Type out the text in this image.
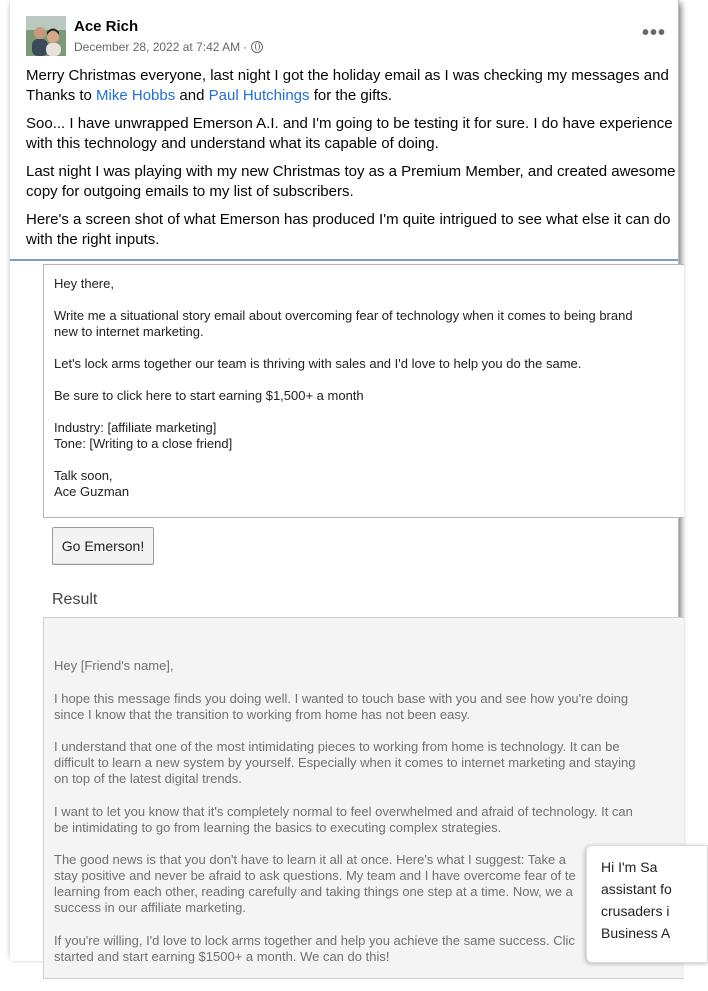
Ace Rich
December 28, 2022 at 7:42 AM ·
•••

Merry Christmas everyone, last night I got the holiday email as I was checking my messages and
Thanks to Mike Hobbs and Paul Hutchings for the gifts.

Soo... I have unwrapped Emerson A.I. and I'm going to be testing it for sure. I do have experience
with this technology and understand what its capable of doing.

Last night I was playing with my new Christmas toy as a Premium Member, and created awesome
copy for outgoing emails to my list of subscribers.

Here's a screen shot of what Emerson has produced I'm quite intrigued to see what else it can do
with the right inputs.

Hey there,
Write me a situational story email about overcoming fear of technology when it comes to being brand
new to internet marketing.
Let's lock arms together our team is thriving with sales and I'd love to help you do the same.
Be sure to click here to start earning $1,500+ a month
Industry: [affiliate marketing]
Tone: [Writing to a close friend]
Talk soon,
Ace Guzman
Go Emerson!
Result
Hey [Friend's name],
I hope this message finds you doing well. I wanted to touch base with you and see how you're doing
since I know that the transition to working from home has not been easy.
I understand that one of the most intimidating pieces to working from home is technology. It can be
difficult to learn a new system by yourself. Especially when it comes to internet marketing and staying
on top of the latest digital trends.
I want to let you know that it's completely normal to feel overwhelmed and afraid of technology. It can
be intimidating to go from learning the basics to executing complex strategies.
The good news is that you don't have to learn it all at once. Here's what I suggest: Take a
stay positive and never be afraid to ask questions. My team and I have overcome fear of te
learning from each other, reading carefully and taking things one step at a time. Now, we a
success in our affiliate marketing.
If you're willing, I'd love to lock arms together and help you achieve the same success. Clic
started and start earning $1500+ a month. We can do this!
Hi I'm Sa
assistant fo
crusaders i
Business A
